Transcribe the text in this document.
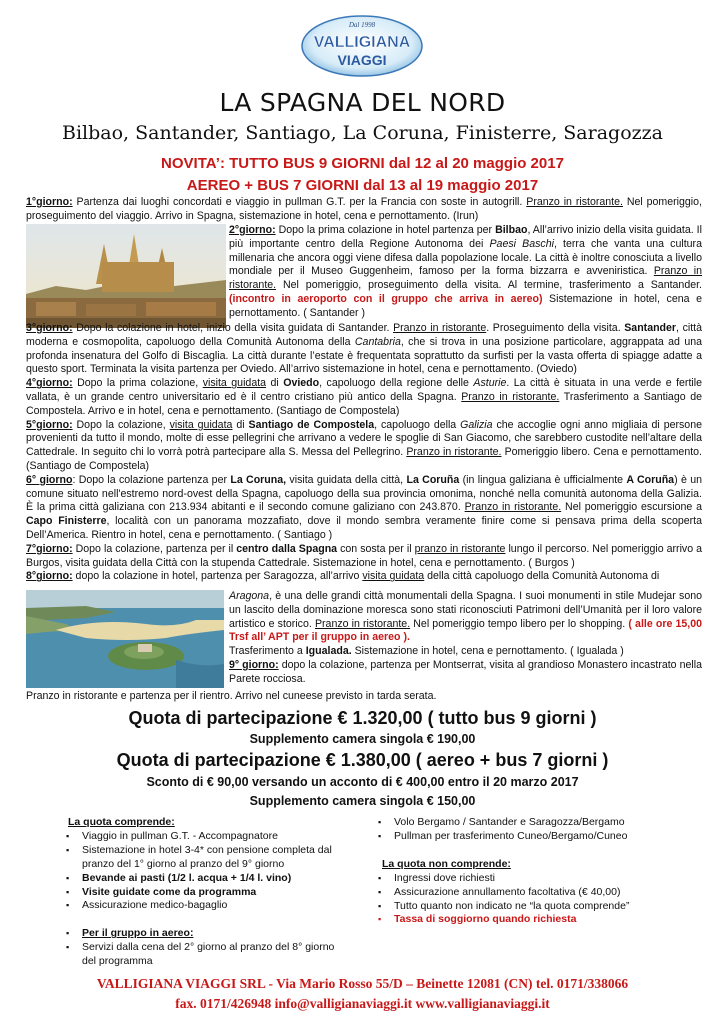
Dal 1998
VALLIGIANA
VIAGGI
LA SPAGNA DEL NORD
Bilbao, Santander, Santiago, La Coruna, Finisterre, Saragozza
NOVITA’: TUTTO BUS 9 GIORNI dal 12 al 20 maggio 2017
AEREO + BUS 7 GIORNI dal 13 al 19 maggio 2017

1°giorno: Partenza dai luoghi concordati e viaggio in pullman G.T. per la Francia con soste in autogrill. Pranzo in ristorante. Nel pomeriggio, proseguimento del viaggio. Arrivo in Spagna, sistemazione in hotel, cena e pernottamento. (Irun)

2°giorno: Dopo la prima colazione in hotel partenza per Bilbao, All’arrivo inizio della visita guidata. Il più importante centro della Regione Autonoma dei Paesi Baschi, terra che vanta una cultura millenaria che ancora oggi viene difesa dalla popolazione locale. La città è inoltre conosciuta a livello mondiale per il Museo Guggenheim, famoso per la forma bizzarra e avveniristica. Pranzo in ristorante. Nel pomeriggio, proseguimento della visita. Al termine, trasferimento a Santander. (incontro in aeroporto con il gruppo che arriva in aereo) Sistemazione in hotel, cena e pernottamento. ( Santander )

3°giorno: Dopo la colazione in hotel, inizio della visita guidata di Santander. Pranzo in ristorante. Proseguimento della visita. Santander, città moderna e cosmopolita, capoluogo della Comunità Autonoma della Cantabria, che si trova in una posizione particolare, aggrappata ad una profonda insenatura del Golfo di Biscaglia. La città durante l’estate è frequentata soprattutto da surfisti per la vasta offerta di spiagge adatte a questo sport. Terminata la visita partenza per Oviedo. All’arrivo sistemazione in hotel, cena e pernottamento. (Oviedo)

4°giorno: Dopo la prima colazione, visita guidata di Oviedo, capoluogo della regione delle Asturie. La città è situata in una verde e fertile vallata, è un grande centro universitario ed è il centro cristiano più antico della Spagna. Pranzo in ristorante. Trasferimento a Santiago de Compostela. Arrivo e in hotel, cena e pernottamento. (Santiago de Compostela)

5°giorno: Dopo la colazione, visita guidata di Santiago de Compostela, capoluogo della Galizia che accoglie ogni anno migliaia di persone provenienti da tutto il mondo, molte di esse pellegrini che arrivano a vedere le spoglie di San Giacomo, che sarebbero custodite nell’altare della Cattedrale. In seguito chi lo vorrà potrà partecipare alla S. Messa del Pellegrino. Pranzo in ristorante. Pomeriggio libero. Cena e pernottamento. (Santiago de Compostela)

6° giorno: Dopo la colazione partenza per La Coruna, visita guidata della città, La Coruña (in lingua galiziana è ufficialmente A Coruña) è un comune situato nell'estremo nord-ovest della Spagna, capoluogo della sua provincia omonima, nonché nella comunità autonoma della Galizia. È la prima città galiziana con 213.934 abitanti e il secondo comune galiziano con 243.870. Pranzo in ristorante. Nel pomeriggio escursione a Capo Finisterre, località con un panorama mozzafiato, dove il mondo sembra veramente finire come si pensava prima della scoperta Dell’America. Rientro in hotel, cena e pernottamento. ( Santiago )

7°giorno: Dopo la colazione, partenza per il centro dalla Spagna con sosta per il pranzo in ristorante lungo il percorso. Nel pomeriggio arrivo a Burgos, visita guidata della Città con la stupenda Cattedrale. Sistemazione in hotel, cena e pernottamento. ( Burgos )

8°giorno: dopo la colazione in hotel, partenza per Saragozza, all’arrivo visita guidata della città capoluogo della Comunità Autonoma di

Aragona, è una delle grandi città monumentali della Spagna. I suoi monumenti in stile Mudejar sono un lascito della dominazione moresca sono stati riconosciuti Patrimoni dell’Umanità per il loro valore artistico e storico. Pranzo in ristorante. Nel pomeriggio tempo libero per lo shopping. ( alle ore 15,00 Trsf all’ APT per il gruppo in aereo ).
Trasferimento a Igualada. Sistemazione in hotel, cena e pernottamento. ( Igualada )
9° giorno: dopo la colazione, partenza per Montserrat, visita al grandioso Monastero incastrato nella Parete rocciosa.

Pranzo in ristorante e partenza per il rientro. Arrivo nel cuneese previsto in tarda serata.

Quota di partecipazione € 1.320,00 ( tutto bus 9 giorni )
Supplemento camera singola € 190,00
Quota di partecipazione € 1.380,00 ( aereo + bus 7 giorni )
Sconto di € 90,00 versando un acconto di € 400,00 entro il 20 marzo 2017
Supplemento camera singola € 150,00
La quota comprende:
▪ Viaggio in pullman G.T. - Accompagnatore
▪ Sistemazione in hotel 3-4* con pensione completa dal pranzo del 1° giorno al pranzo del 9° giorno
▪ Bevande ai pasti (1/2 l. acqua + 1/4 l. vino)
▪ Visite guidate come da programma
▪ Assicurazione medico-bagaglio
▪ Per il gruppo in aereo:
▪ Servizi dalla cena del 2° giorno al pranzo del 8° giorno del programma
▪ Volo Bergamo / Santander e Saragozza/Bergamo
▪ Pullman per trasferimento Cuneo/Bergamo/Cuneo
La quota non comprende:
▪ Ingressi dove richiesti
▪ Assicurazione annullamento facoltativa (€ 40,00)
▪ Tutto quanto non indicato ne “la quota comprende”
▪ Tassa di soggiorno quando richiesta
VALLIGIANA VIAGGI SRL - Via Mario Rosso 55/D – Beinette 12081 (CN) tel. 0171/338066
fax. 0171/426948 info@valligianaviaggi.it www.valligianaviaggi.it
